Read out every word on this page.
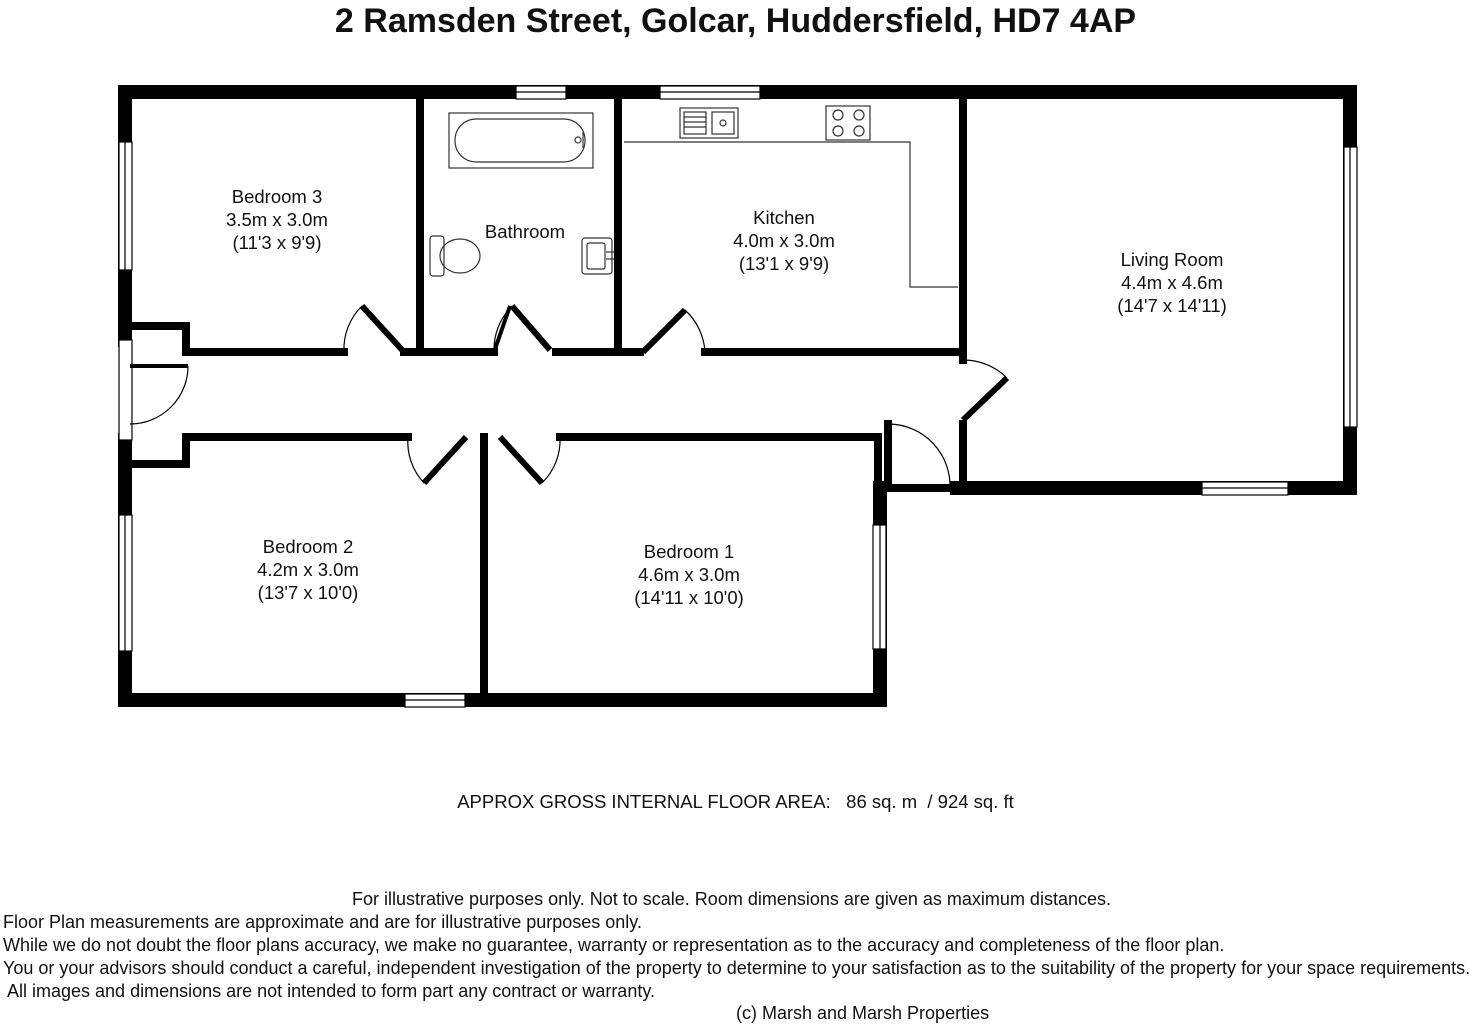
2 Ramsden Street, Golcar, Huddersfield, HD7 4AP
Bedroom 3
3.5m x 3.0m
(11'3 x 9'9)
Bathroom
Kitchen
4.0m x 3.0m
(13'1 x 9'9)	Living Room
4.4m x 4.6m
(14'7 x 14'11)
Bedroom 2
4.2m x 3.0m
(13'7 x 10'0)
Bedroom 1
4.6m x 3.0m
(14'11 x 10'0)
APPROX GROSS INTERNAL FLOOR AREA: 86 sq. m / 924 sq. ft
For illustrative purposes only. Not to scale. Room dimensions are given as maximum distances.
Floor Plan measurements are approximate and are for illustrative purposes only.
While we do not doubt the floor plans accuracy, we make no guarantee, warranty or representation as to the accuracy and completeness of the floor plan.
You or your advisors should conduct a careful, independent investigation of the property to determine to your satisfaction as to the suitability of the property for your space requirements.
All images and dimensions are not intended to form part any contract or warranty.
(c) Marsh and Marsh Properties
